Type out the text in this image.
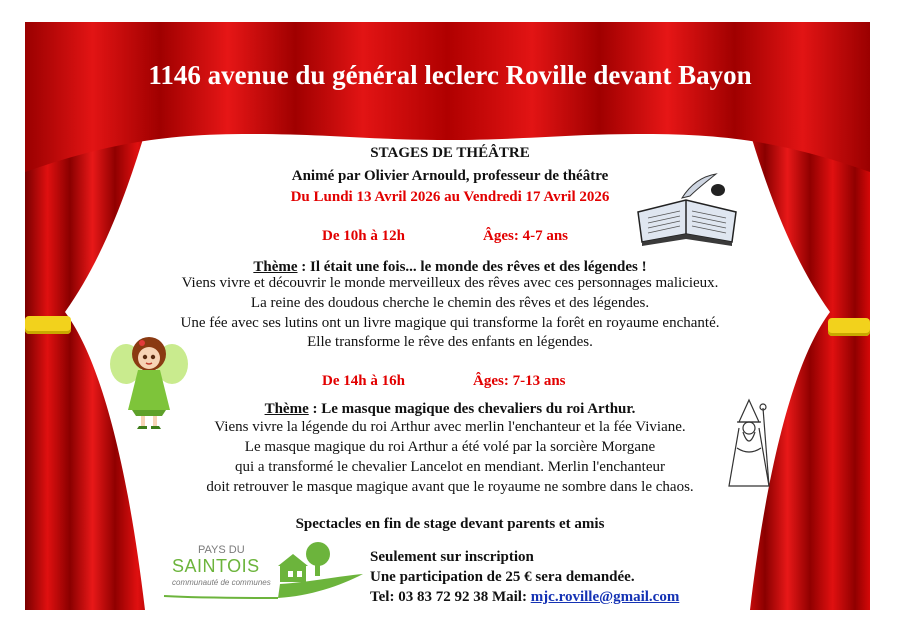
PAYS DU
SAINTOIS
communauté de communes
1146 avenue du général leclerc Roville devant Bayon
STAGES DE THÉÂTRE
Animé par Olivier Arnould, professeur de théâtre
Du Lundi 13 Avril 2026 au Vendredi 17 Avril 2026
De 10h à 12h	Âges: 4-7 ans
Thème : Il était une fois... le monde des rêves et des légendes !
Viens vivre et découvrir le monde merveilleux des rêves avec ces personnages malicieux.
La reine des doudous cherche le chemin des rêves et des légendes.
Une fée avec ses lutins ont un livre magique qui transforme la forêt en royaume enchanté.
Elle transforme le rêve des enfants en légendes.
De 14h à 16h	Âges: 7-13 ans
Thème : Le masque magique des chevaliers du roi Arthur.
Viens vivre la légende du roi Arthur avec merlin l'enchanteur et la fée Viviane.
Le masque magique du roi Arthur a été volé par la sorcière Morgane
qui a transformé le chevalier Lancelot en mendiant. Merlin l'enchanteur
doit retrouver le masque magique avant que le royaume ne sombre dans le chaos.
Spectacles en fin de stage devant parents et amis
Seulement sur inscription
Une participation de 25 € sera demandée.
Tel: 03 83 72 92 38 Mail: mjc.roville@gmail.com
